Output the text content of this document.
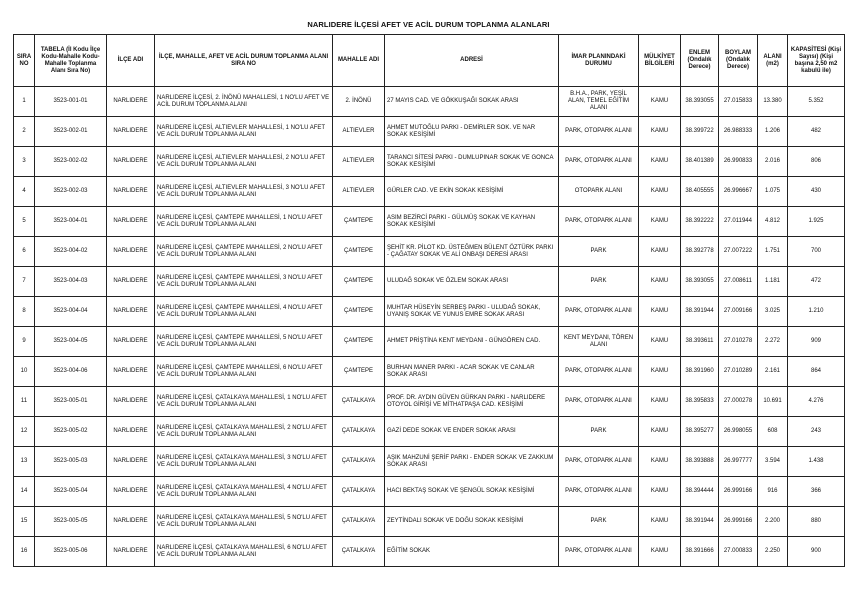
NARLIDERE İLÇESİ AFET VE ACİL DURUM TOPLANMA ALANLARI
SIRA NO	TABELA (İl Kodu İlçe Kodu-Mahalle Kodu-Mahalle Toplanma Alanı Sıra No)	İLÇE ADI	İLÇE, MAHALLE, AFET VE ACİL DURUM TOPLANMA ALANI SIRA NO	MAHALLE ADI	ADRESİ	İMAR PLANINDAKİ DURUMU	MÜLKİYET BİLGİLERİ	ENLEM (Ondalık Derece)	BOYLAM (Ondalık Derece)	ALANI (m2)	KAPASİTESİ (Kişi Sayısı) (Kişi başına 2,50 m2 kabulü ile)
1	3523-001-01	NARLIDERE	NARLIDERE İLÇESİ, 2. İNÖNÜ MAHALLESİ, 1 NO'LU AFET VE ACİL DURUM TOPLANMA ALANI	2. İNÖNÜ	27 MAYIS CAD. VE GÖKKUŞAĞI SOKAK ARASI	B.H.A., PARK, YEŞİL ALAN, TEMEL EĞİTİM ALANI	KAMU	38.393055	27.015833	13.380	5.352
2	3523-002-01	NARLIDERE	NARLIDERE İLÇESİ, ALTIEVLER MAHALLESİ, 1 NO'LU AFET VE ACİL DURUM TOPLANMA ALANI	ALTIEVLER	AHMET MUTOĞLU PARKI - DEMİRLER SOK. VE NAR SOKAK KESİŞİMİ	PARK, OTOPARK ALANI	KAMU	38.399722	26.988333	1.206	482
3	3523-002-02	NARLIDERE	NARLIDERE İLÇESİ, ALTIEVLER MAHALLESİ, 2 NO'LU AFET VE ACİL DURUM TOPLANMA ALANI	ALTIEVLER	TARANCI SİTESİ PARKI - DUMLUPINAR SOKAK VE GONCA SOKAK KESİŞİMİ	PARK, OTOPARK ALANI	KAMU	38.401389	26.990833	2.016	806
4	3523-002-03	NARLIDERE	NARLIDERE İLÇESİ, ALTIEVLER MAHALLESİ, 3 NO'LU AFET VE ACİL DURUM TOPLANMA ALANI	ALTIEVLER	GÜRLER CAD. VE EKİN SOKAK KESİŞİMİ	OTOPARK ALANI	KAMU	38.405555	26.996667	1.075	430
5	3523-004-01	NARLIDERE	NARLIDERE İLÇESİ, ÇAMTEPE MAHALLESİ, 1 NO'LU AFET VE ACİL DURUM TOPLANMA ALANI	ÇAMTEPE	ASIM BEZİRCİ PARKI - GÜLMÜŞ SOKAK VE KAYHAN SOKAK KESİŞİMİ	PARK, OTOPARK ALANI	KAMU	38.392222	27.011944	4.812	1.925
6	3523-004-02	NARLIDERE	NARLIDERE İLÇESİ, ÇAMTEPE MAHALLESİ, 2 NO'LU AFET VE ACİL DURUM TOPLANMA ALANI	ÇAMTEPE	ŞEHİT KR. PİLOT KD. ÜSTEĞMEN BÜLENT ÖZTÜRK PARKI - ÇAĞATAY SOKAK VE ALİ ONBAŞI DERESİ ARASI	PARK	KAMU	38.392778	27.007222	1.751	700
7	3523-004-03	NARLIDERE	NARLIDERE İLÇESİ, ÇAMTEPE MAHALLESİ, 3 NO'LU AFET VE ACİL DURUM TOPLANMA ALANI	ÇAMTEPE	ULUDAĞ SOKAK VE ÖZLEM SOKAK ARASI	PARK	KAMU	38.393055	27.008611	1.181	472
8	3523-004-04	NARLIDERE	NARLIDERE İLÇESİ, ÇAMTEPE MAHALLESİ, 4 NO'LU AFET VE ACİL DURUM TOPLANMA ALANI	ÇAMTEPE	MUHTAR HÜSEYİN SERBEŞ PARKI - ULUDAĞ SOKAK, UYANIŞ SOKAK VE YUNUS EMRE SOKAK ARASI	PARK, OTOPARK ALANI	KAMU	38.391944	27.009166	3.025	1.210
9	3523-004-05	NARLIDERE	NARLIDERE İLÇESİ, ÇAMTEPE MAHALLESİ, 5 NO'LU AFET VE ACİL DURUM TOPLANMA ALANI	ÇAMTEPE	AHMET PRİŞTİNA KENT MEYDANI - GÜNGÖREN CAD.	KENT MEYDANI, TÖREN ALANI	KAMU	38.393611	27.010278	2.272	909
10	3523-004-06	NARLIDERE	NARLIDERE İLÇESİ, ÇAMTEPE MAHALLESİ, 6 NO'LU AFET VE ACİL DURUM TOPLANMA ALANI	ÇAMTEPE	BURHAN MANER PARKI - ACAR SOKAK VE CANLAR SOKAK ARASI	PARK, OTOPARK ALANI	KAMU	38.391960	27.010289	2.161	864
11	3523-005-01	NARLIDERE	NARLIDERE İLÇESİ, ÇATALKAYA MAHALLESİ, 1 NO'LU AFET VE ACİL DURUM TOPLANMA ALANI	ÇATALKAYA	PROF. DR. AYDIN GÜVEN GÜRKAN PARKI - NARLIDERE OTOYOL GİRİŞİ VE MİTHATPAŞA CAD. KESİŞİMİ	PARK, OTOPARK ALANI	KAMU	38.395833	27.000278	10.691	4.276
12	3523-005-02	NARLIDERE	NARLIDERE İLÇESİ, ÇATALKAYA MAHALLESİ, 2 NO'LU AFET VE ACİL DURUM TOPLANMA ALANI	ÇATALKAYA	GAZİ DEDE SOKAK VE ENDER SOKAK ARASI	PARK	KAMU	38.395277	26.998055	608	243
13	3523-005-03	NARLIDERE	NARLIDERE İLÇESİ, ÇATALKAYA MAHALLESİ, 3 NO'LU AFET VE ACİL DURUM TOPLANMA ALANI	ÇATALKAYA	AŞIK MAHZUNİ ŞERİF PARKI - ENDER SOKAK VE ZAKKUM SOKAK ARASI	PARK, OTOPARK ALANI	KAMU	38.393888	26.997777	3.594	1.438
14	3523-005-04	NARLIDERE	NARLIDERE İLÇESİ, ÇATALKAYA MAHALLESİ, 4 NO'LU AFET VE ACİL DURUM TOPLANMA ALANI	ÇATALKAYA	HACI BEKTAŞ SOKAK VE ŞENGÜL SOKAK KESİŞİMİ	PARK, OTOPARK ALANI	KAMU	38.394444	26.999166	916	366
15	3523-005-05	NARLIDERE	NARLIDERE İLÇESİ, ÇATALKAYA MAHALLESİ, 5 NO'LU AFET VE ACİL DURUM TOPLANMA ALANI	ÇATALKAYA	ZEYTİNDALI SOKAK VE DOĞU SOKAK KESİŞİMİ	PARK	KAMU	38.391944	26.999166	2.200	880
16	3523-005-06	NARLIDERE	NARLIDERE İLÇESİ, ÇATALKAYA MAHALLESİ, 6 NO'LU AFET VE ACİL DURUM TOPLANMA ALANI	ÇATALKAYA	EĞİTİM SOKAK	PARK, OTOPARK ALANI	KAMU	38.391666	27.000833	2.250	900
